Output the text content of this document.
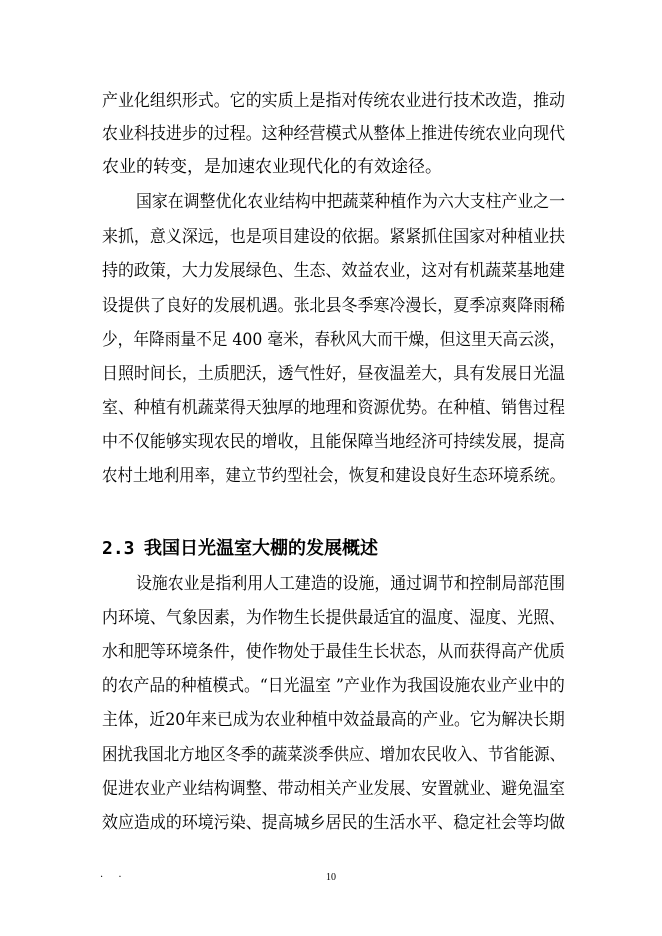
产业化组织形式。它的实质上是指对传统农业进行技术改造，推动
农业科技进步的过程。这种经营模式从整体上推进传统农业向现代
农业的转变，是加速农业现代化的有效途径。
国家在调整优化农业结构中把蔬菜种植作为六大支柱产业之一
来抓，意义深远，也是项目建设的依据。紧紧抓住国家对种植业扶
持的政策，大力发展绿色、生态、效益农业，这对有机蔬菜基地建
设提供了良好的发展机遇。张北县冬季寒冷漫长，夏季凉爽降雨稀
少，年降雨量不足 400 毫米，春秋风大而干燥，但这里天高云淡，
日照时间长，土质肥沃，透气性好，昼夜温差大，具有发展日光温
室、种植有机蔬菜得天独厚的地理和资源优势。在种植、销售过程
中不仅能够实现农民的增收，且能保障当地经济可持续发展，提高
农村土地利用率，建立节约型社会，恢复和建设良好生态环境系统。
2.3 我国日光温室大棚的发展概述
设施农业是指利用人工建造的设施，通过调节和控制局部范围
内环境、气象因素，为作物生长提供最适宜的温度、湿度、光照、
水和肥等环境条件，使作物处于最佳生长状态，从而获得高产优质
的农产品的种植模式。“日光温室 ”产业作为我国设施农业产业中的
主体，近20年来已成为农业种植中效益最高的产业。它为解决长期
困扰我国北方地区冬季的蔬菜淡季供应、增加农民收入、节省能源、
促进农业产业结构调整、带动相关产业发展、安置就业、避免温室
效应造成的环境污染、提高城乡居民的生活水平、稳定社会等均做
. .	10
